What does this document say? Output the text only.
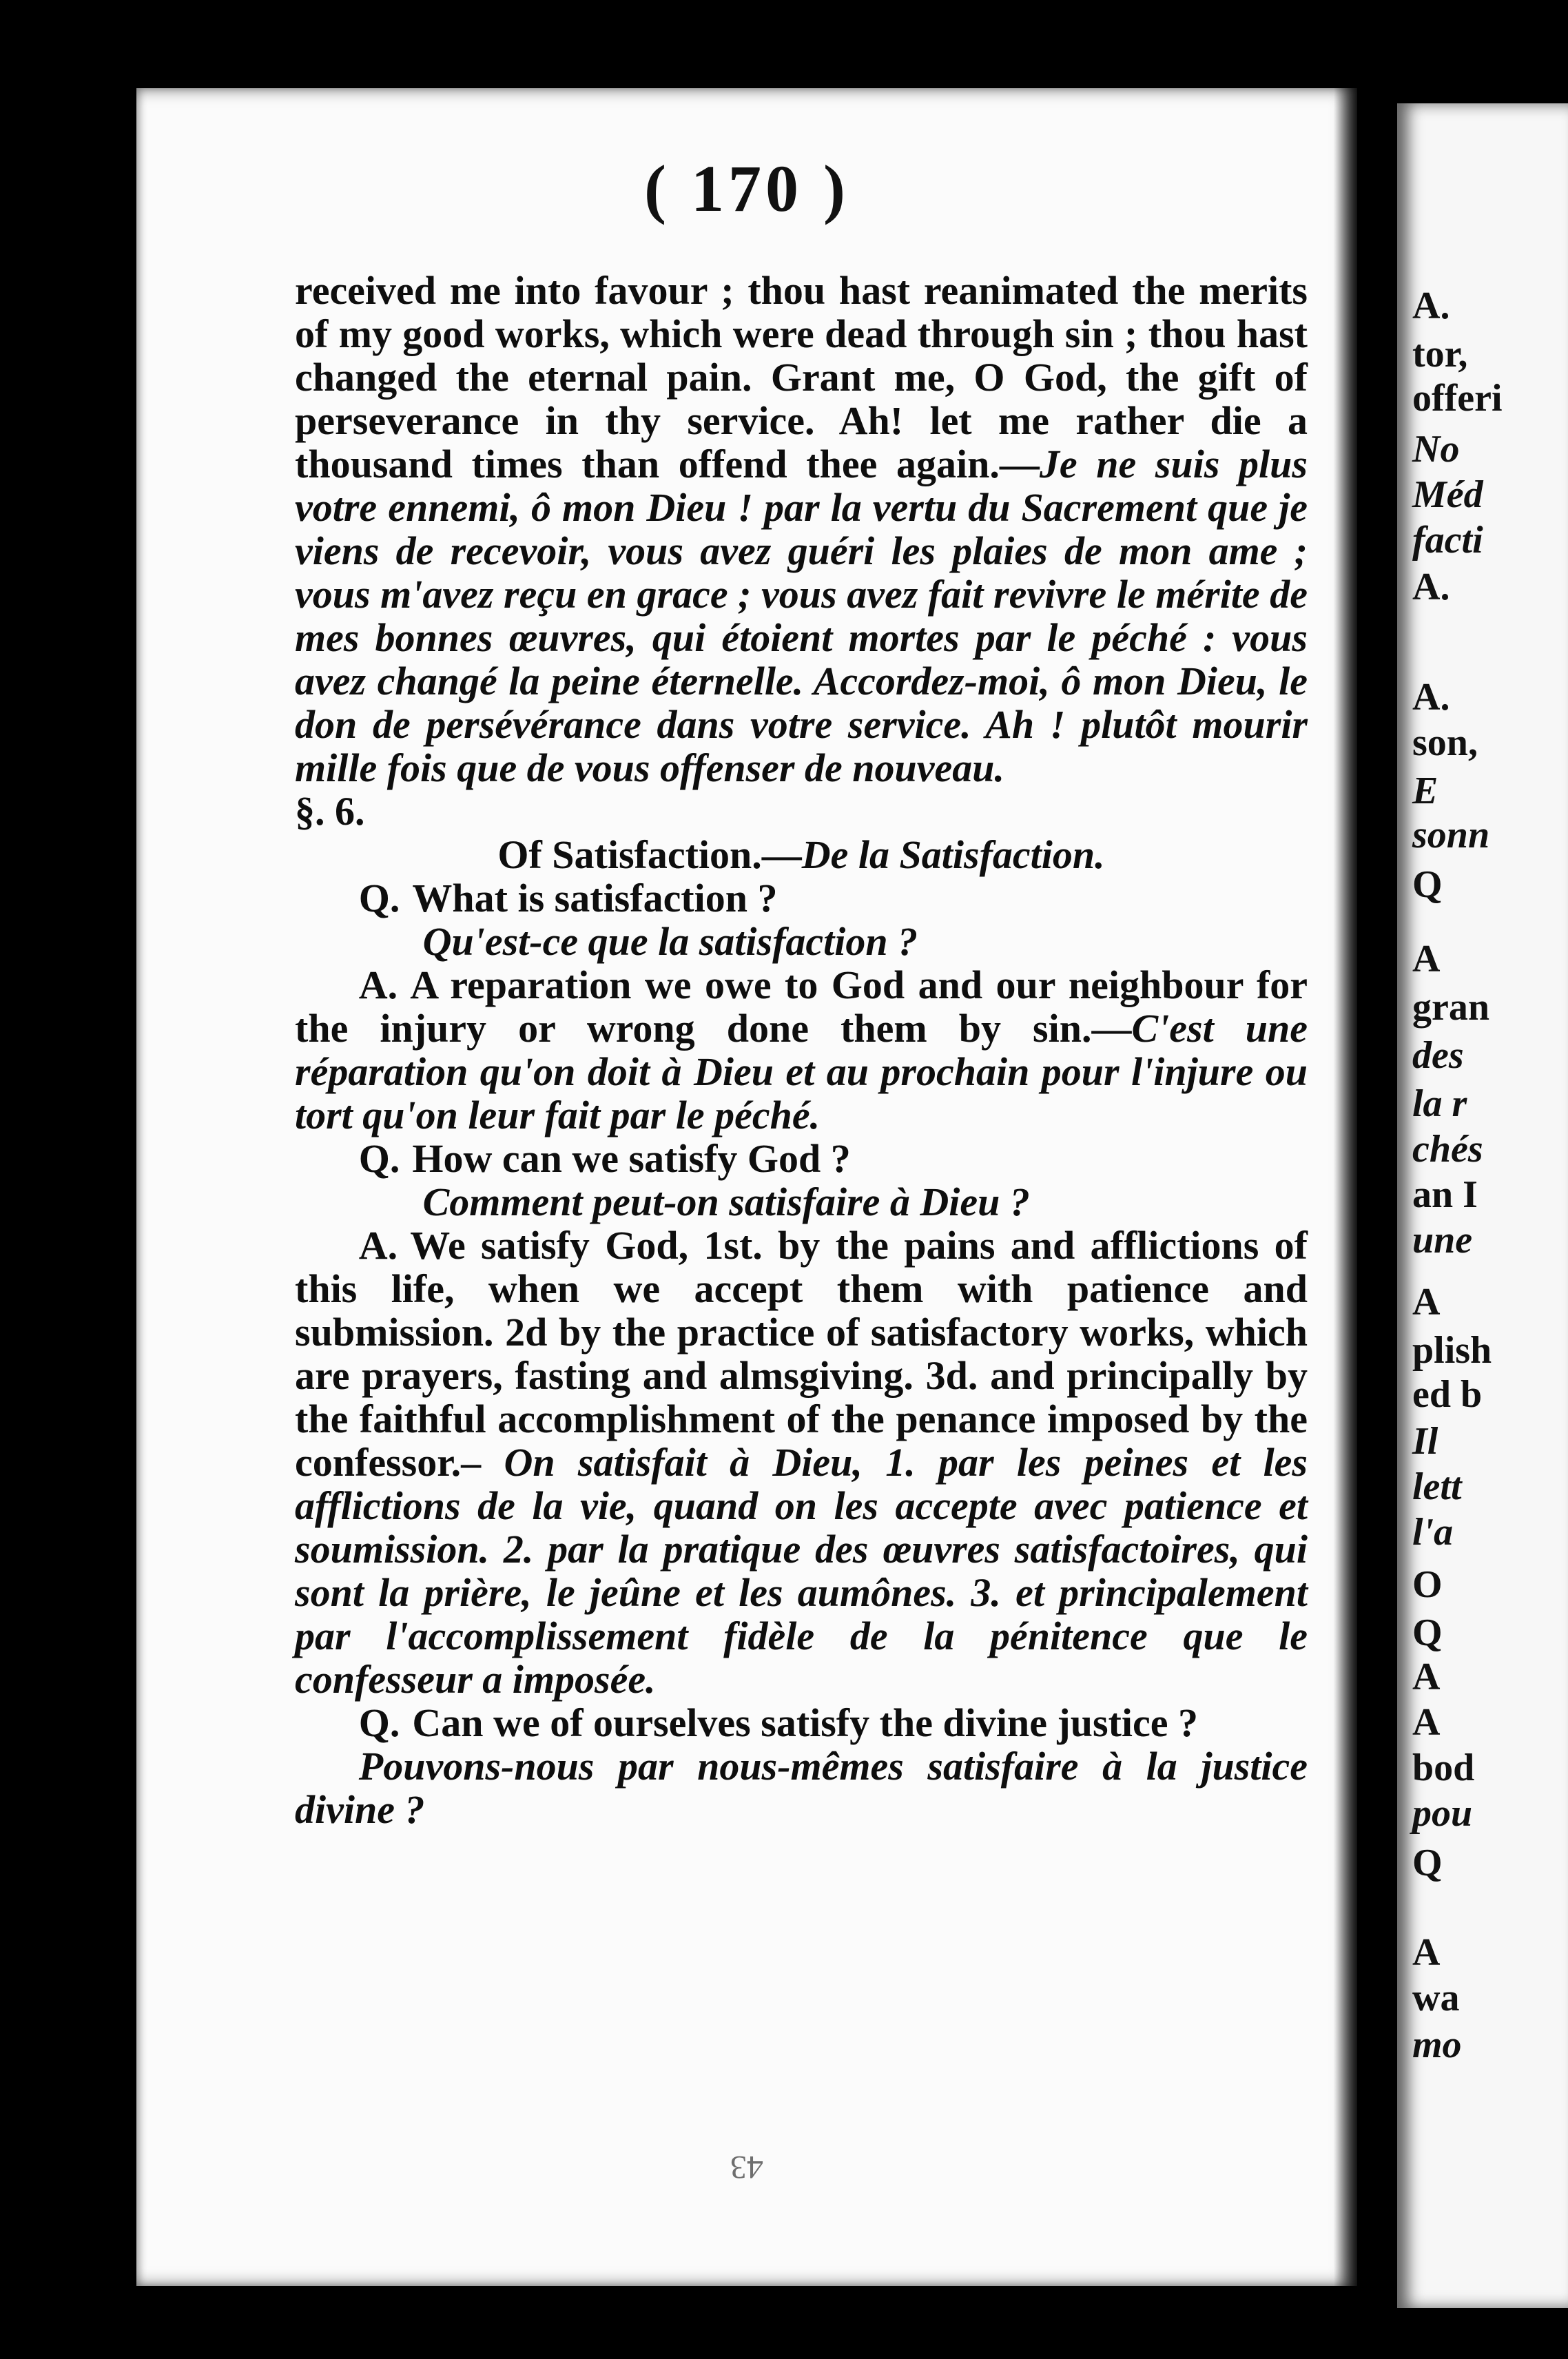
( 170 )

received me into favour ; thou hast reanimated the merits of my good works, which were dead through sin ; thou hast changed the eternal pain. Grant me, O God, the gift of perseverance in thy service. Ah! let me rather die a thousand times than offend thee again.—Je ne suis plus votre ennemi, ô mon Dieu ! par la vertu du Sacrement que je viens de recevoir, vous avez guéri les plaies de mon ame ; vous m'avez reçu en grace ; vous avez fait revivre le mérite de mes bonnes œuvres, qui étoient mortes par le péché : vous avez changé la peine éternelle. Accordez-moi, ô mon Dieu, le don de persévérance dans votre service. Ah ! plutôt mourir mille fois que de vous offenser de nouveau.

§. 6.

Of Satisfaction.—De la Satisfaction.

Q. What is satisfaction ?

Qu'est-ce que la satisfaction ?

A. A reparation we owe to God and our neighbour for the injury or wrong done them by sin.—C'est une réparation qu'on doit à Dieu et au prochain pour l'injure ou tort qu'on leur fait par le péché.

Q. How can we satisfy God ?

Comment peut-on satisfaire à Dieu ?

A. We satisfy God, 1st. by the pains and afflictions of this life, when we accept them with patience and submission. 2d by the practice of satisfactory works, which are prayers, fasting and almsgiving. 3d. and principally by the faithful accomplishment of the penance imposed by the confessor.– On satisfait à Dieu, 1. par les peines et les afflictions de la vie, quand on les accepte avec patience et soumission. 2. par la pratique des œuvres satisfactoires, qui sont la prière, le jeûne et les aumônes. 3. et principalement par l'accomplissement fidèle de la pénitence que le confesseur a imposée.

Q. Can we of ourselves satisfy the divine justice ?

Pouvons-nous par nous-mêmes satisfaire à la justice divine ?

43
A.
tor,
offeri
No
Méd
facti
A.
A.
son,
E
sonn
Q
A
gran
des
la r
chés
an I
une
A
plish
ed b
Il
lett
l'a
O
Q
A
A
bod
pou
Q
A
wa
mo
